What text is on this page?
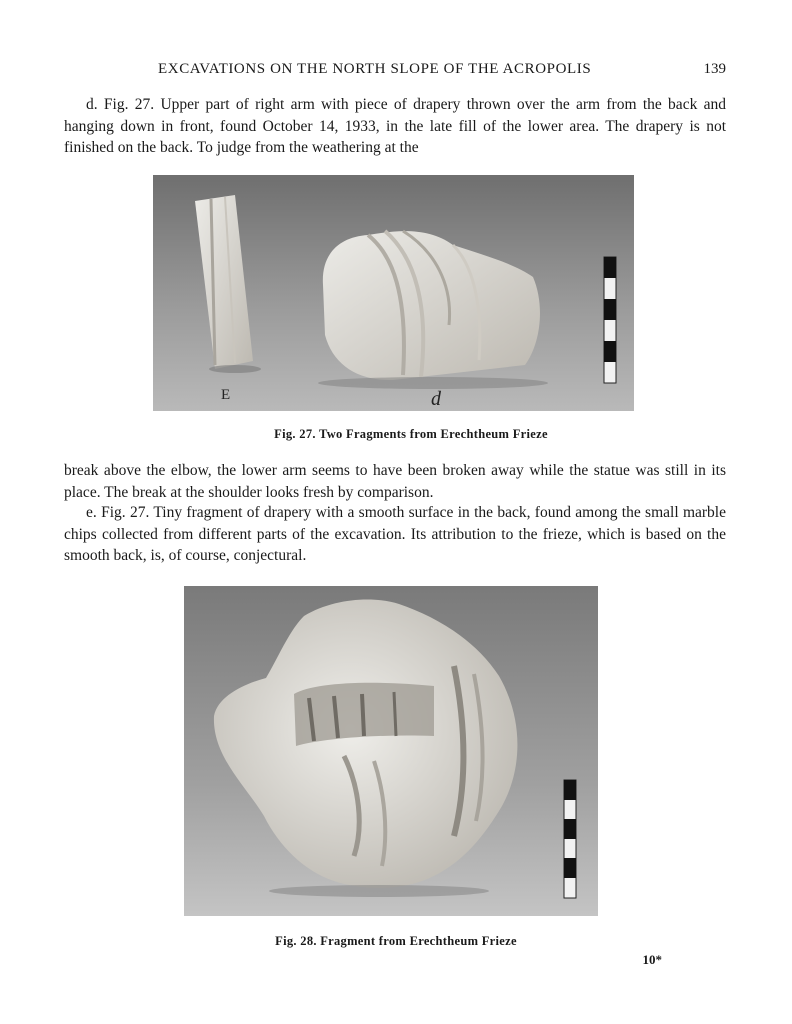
EXCAVATIONS ON THE NORTH SLOPE OF THE ACROPOLIS	139

d. Fig. 27. Upper part of right arm with piece of drapery thrown over the arm from the back and hanging down in front, found October 14, 1933, in the late fill of the lower area. The drapery is not finished on the back. To judge from the weathering at the

E	d
Fig. 27. Two Fragments from Erechtheum Frieze

break above the elbow, the lower arm seems to have been broken away while the statue was still in its place. The break at the shoulder looks fresh by comparison.

e. Fig. 27. Tiny fragment of drapery with a smooth surface in the back, found among the small marble chips collected from different parts of the excavation. Its attribution to the frieze, which is based on the smooth back, is, of course, conjectural.

Fig. 28. Fragment from Erechtheum Frieze
10*
